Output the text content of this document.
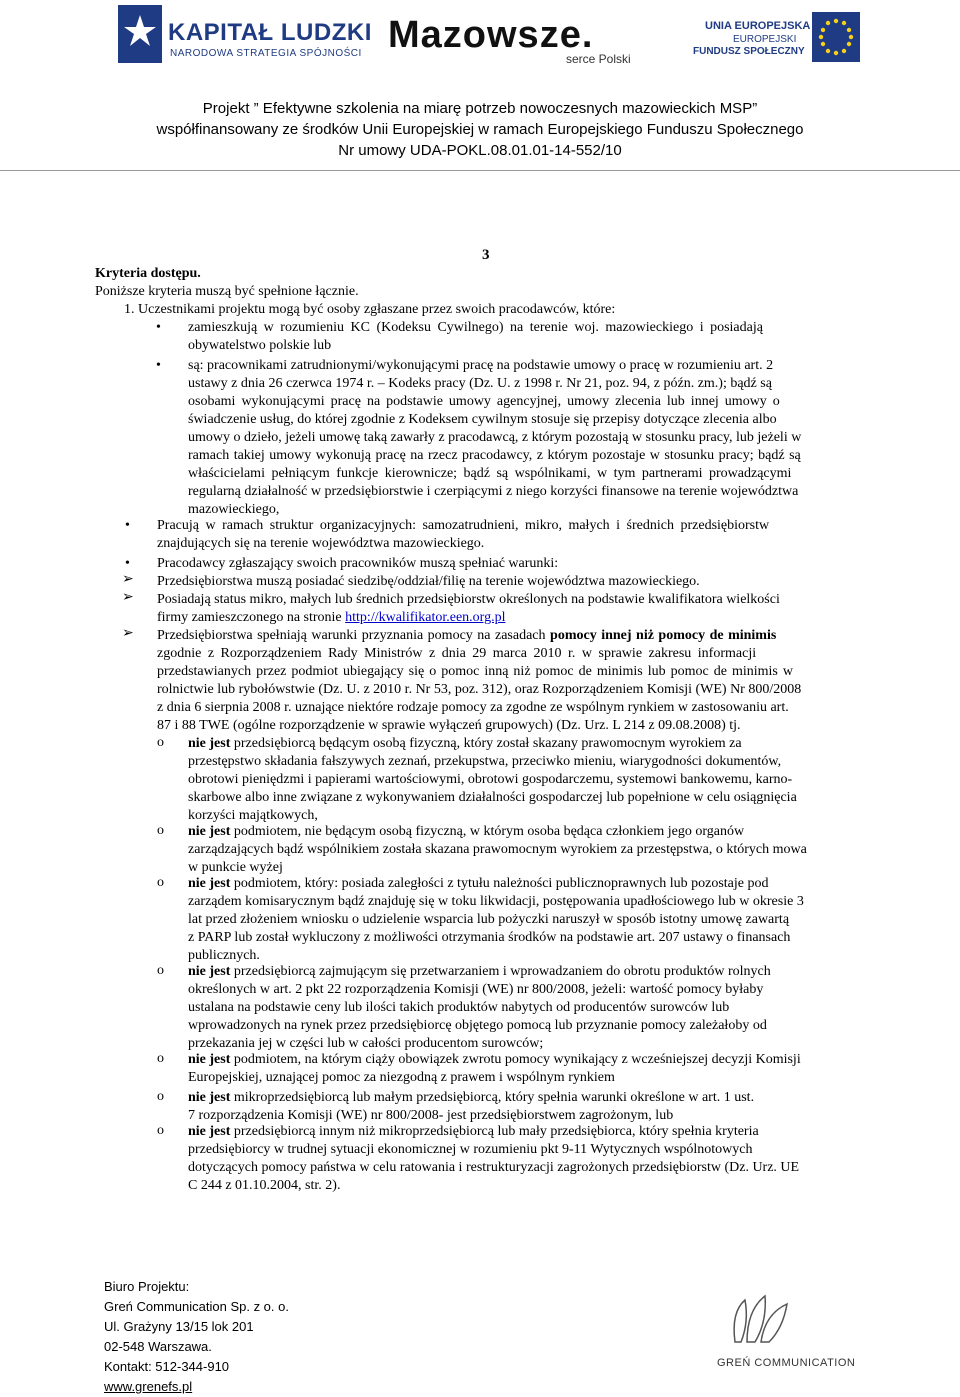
KAPITAŁ LUDZKI
NARODOWA STRATEGIA SPÓJNOŚCI Mazowsze.
serce Polski
UNIA EUROPEJSKA
EUROPEJSKI
FUNDUSZ SPOŁECZNY
Projekt ” Efektywne szkolenia na miarę potrzeb nowoczesnych mazowieckich MSP”
współfinansowany ze środków Unii Europejskiej w ramach Europejskiego Funduszu Społecznego
Nr umowy UDA-POKL.08.01.01-14-552/10
3
Kryteria dostępu.
Poniższe kryteria muszą być spełnione łącznie.
1. Uczestnikami projektu mogą być osoby zgłaszane przez swoich pracodawców, które:
• zamieszkują w rozumieniu KC (Kodeksu Cywilnego) na terenie woj. mazowieckiego i posiadają
obywatelstwo polskie lub
• są: pracownikami zatrudnionymi/wykonującymi pracę na podstawie umowy o pracę w rozumieniu art. 2
ustawy z dnia 26 czerwca 1974 r. – Kodeks pracy (Dz. U. z 1998 r. Nr 21, poz. 94, z późn. zm.); bądź są
osobami wykonującymi pracę na podstawie umowy agencyjnej, umowy zlecenia lub innej umowy o
świadczenie usług, do której zgodnie z Kodeksem cywilnym stosuje się przepisy dotyczące zlecenia albo
umowy o dzieło, jeżeli umowę taką zawarły z pracodawcą, z którym pozostają w stosunku pracy, lub jeżeli w
ramach takiej umowy wykonują pracę na rzecz pracodawcy, z którym pozostaje w stosunku pracy; bądź są
właścicielami pełniącym funkcje kierownicze; bądź są wspólnikami, w tym partnerami prowadzącymi
regularną działalność w przedsiębiorstwie i czerpiącymi z niego korzyści finansowe na terenie województwa
mazowieckiego,
• Pracują w ramach struktur organizacyjnych: samozatrudnieni, mikro, małych i średnich przedsiębiorstw
znajdujących się na terenie województwa mazowieckiego.
• Pracodawcy zgłaszający swoich pracowników muszą spełniać warunki:
➢ Przedsiębiorstwa muszą posiadać siedzibę/oddział/filię na terenie województwa mazowieckiego.
➢ Posiadają status mikro, małych lub średnich przedsiębiorstw określonych na podstawie kwalifikatora wielkości
firmy zamieszczonego na stronie http://kwalifikator.een.org.pl
➢ Przedsiębiorstwa spełniają warunki przyznania pomocy na zasadach pomocy innej niż pomocy de minimis
zgodnie z Rozporządzeniem Rady Ministrów z dnia 29 marca 2010 r. w sprawie zakresu informacji
przedstawianych przez podmiot ubiegający się o pomoc inną niż pomoc de minimis lub pomoc de minimis w
rolnictwie lub rybołówstwie (Dz. U. z 2010 r. Nr 53, poz. 312), oraz Rozporządzeniem Komisji (WE) Nr 800/2008
z dnia 6 sierpnia 2008 r. uznające niektóre rodzaje pomocy za zgodne ze wspólnym rynkiem w zastosowaniu art.
87 i 88 TWE (ogólne rozporządzenie w sprawie wyłączeń grupowych) (Dz. Urz. L 214 z 09.08.2008) tj.
o nie jest przedsiębiorcą będącym osobą fizyczną, który został skazany prawomocnym wyrokiem za
przestępstwo składania fałszywych zeznań, przekupstwa, przeciwko mieniu, wiarygodności dokumentów,
obrotowi pieniędzmi i papierami wartościowymi, obrotowi gospodarczemu, systemowi bankowemu, karno-
skarbowe albo inne związane z wykonywaniem działalności gospodarczej lub popełnione w celu osiągnięcia
korzyści majątkowych,
o nie jest podmiotem, nie będącym osobą fizyczną, w którym osoba będąca członkiem jego organów
zarządzających bądź wspólnikiem została skazana prawomocnym wyrokiem za przestępstwa, o których mowa
w punkcie wyżej
o nie jest podmiotem, który: posiada zaległości z tytułu należności publicznoprawnych lub pozostaje pod
zarządem komisarycznym bądź znajduję się w toku likwidacji, postępowania upadłościowego lub w okresie 3
lat przed złożeniem wniosku o udzielenie wsparcia lub pożyczki naruszył w sposób istotny umowę zawartą
z PARP lub został wykluczony z możliwości otrzymania środków na podstawie art. 207 ustawy o finansach
publicznych.
o nie jest przedsiębiorcą zajmującym się przetwarzaniem i wprowadzaniem do obrotu produktów rolnych
określonych w art. 2 pkt 22 rozporządzenia Komisji (WE) nr 800/2008, jeżeli: wartość pomocy byłaby
ustalana na podstawie ceny lub ilości takich produktów nabytych od producentów surowców lub
wprowadzonych na rynek przez przedsiębiorcę objętego pomocą lub przyznanie pomocy zależałoby od
przekazania jej w części lub w całości producentom surowców;
o nie jest podmiotem, na którym ciąży obowiązek zwrotu pomocy wynikający z wcześniejszej decyzji Komisji
Europejskiej, uznającej pomoc za niezgodną z prawem i wspólnym rynkiem
o nie jest mikroprzedsiębiorcą lub małym przedsiębiorcą, który spełnia warunki określone w art. 1 ust.
7 rozporządzenia Komisji (WE) nr 800/2008- jest przedsiębiorstwem zagrożonym, lub
o nie jest przedsiębiorcą innym niż mikroprzedsiębiorcą lub mały przedsiębiorca, który spełnia kryteria
przedsiębiorcy w trudnej sytuacji ekonomicznej w rozumieniu pkt 9-11 Wytycznych wspólnotowych
dotyczących pomocy państwa w celu ratowania i restrukturyzacji zagrożonych przedsiębiorstw (Dz. Urz. UE
C 244 z 01.10.2004, str. 2).
Biuro Projektu:
Greń Communication Sp. z o. o.
Ul. Grażyny 13/15 lok 201
02-548 Warszawa.
Kontakt: 512-344-910
www.grenefs.pl
GREŃ COMMUNICATION
